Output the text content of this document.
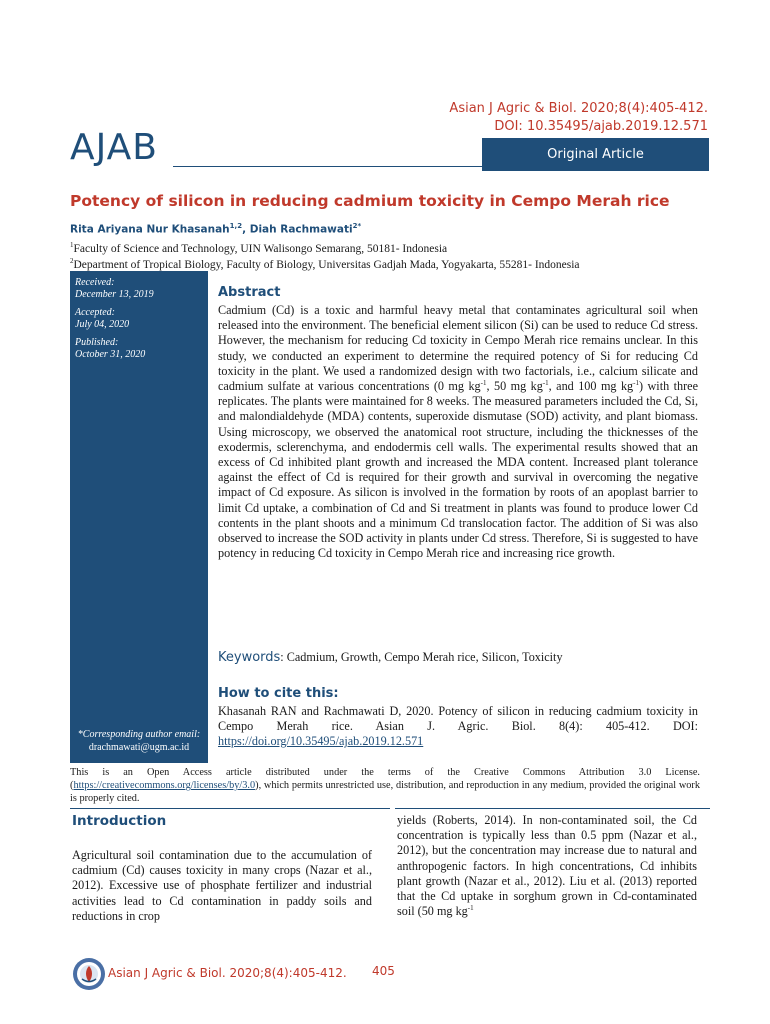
Asian J Agric & Biol. 2020;8(4):405-412.
DOI: 10.35495/ajab.2019.12.571
AJAB	Original Article
Potency of silicon in reducing cadmium toxicity in Cempo Merah rice
Rita Ariyana Nur Khasanah$^{1,2}$, Diah Rachmawati$^{2*}$
$^1$Faculty of Science and Technology, UIN Walisongo Semarang, 50181- Indonesia
$^2$Department of Tropical Biology, Faculty of Biology, Universitas Gadjah Mada, Yogyakarta, 55281- Indonesia
Received:
December 13, 2019
Accepted:
July 04, 2020
Published:
October 31, 2020
*Corresponding author email:
drachmawati@ugm.ac.id
Abstract
Cadmium (Cd) is a toxic and harmful heavy metal that contaminates agricultural soil when released into the environment. The beneficial element silicon (Si) can be used to reduce Cd stress. However, the mechanism for reducing Cd toxicity in Cempo Merah rice remains unclear. In this study, we conducted an experiment to determine the required potency of Si for reducing Cd toxicity in the plant. We used a randomized design with two factorials, i.e., calcium silicate and cadmium sulfate at various concentrations (0 mg $kg^{-1}$, 50 mg $kg^{-1}$, and 100 mg $kg^{-1}$) with three replicates. The plants were maintained for 8 weeks. The measured parameters included the Cd, Si, and malondialdehyde (MDA) contents, superoxide dismutase (SOD) activity, and plant biomass. Using microscopy, we observed the anatomical root structure, including the thicknesses of the exodermis, sclerenchyma, and endodermis cell walls. The experimental results showed that an excess of Cd inhibited plant growth and increased the MDA content. Increased plant tolerance against the effect of Cd is required for their growth and survival in overcoming the negative impact of Cd exposure. As silicon is involved in the formation by roots of an apoplast barrier to limit Cd uptake, a combination of Cd and Si treatment in plants was found to produce lower Cd contents in the plant shoots and a minimum Cd translocation factor. The addition of Si was also observed to increase the SOD activity in plants under Cd stress. Therefore, Si is suggested to have potency in reducing Cd toxicity in Cempo Merah rice and increasing rice growth.
Keywords: Cadmium, Growth, Cempo Merah rice, Silicon, Toxicity
How to cite this:
Khasanah RAN and Rachmawati D, 2020. Potency of silicon in reducing cadmium toxicity in Cempo Merah rice. Asian J. Agric. Biol. 8(4): 405-412. DOI: https://doi.org/10.35495/ajab.2019.12.571
This is an Open Access article distributed under the terms of the Creative Commons Attribution 3.0 License. (https://creativecommons.org/licenses/by/3.0), which permits unrestricted use, distribution, and reproduction in any medium, provided the original work is properly cited.
Introduction
Agricultural soil contamination due to the accumulation of cadmium (Cd) causes toxicity in many crops (Nazar et al., 2012). Excessive use of phosphate fertilizer and industrial activities lead to Cd contamination in paddy soils and reductions in crop
yields (Roberts, 2014). In non-contaminated soil, the Cd concentration is typically less than 0.5 ppm (Nazar et al., 2012), but the concentration may increase due to natural and anthropogenic factors. In high concentrations, Cd inhibits plant growth (Nazar et al., 2012). Liu et al. (2013) reported that the Cd uptake in sorghum grown in Cd-contaminated soil (50 mg $kg^{-1}$
Asian J Agric & Biol. 2020;8(4):405-412. 405
